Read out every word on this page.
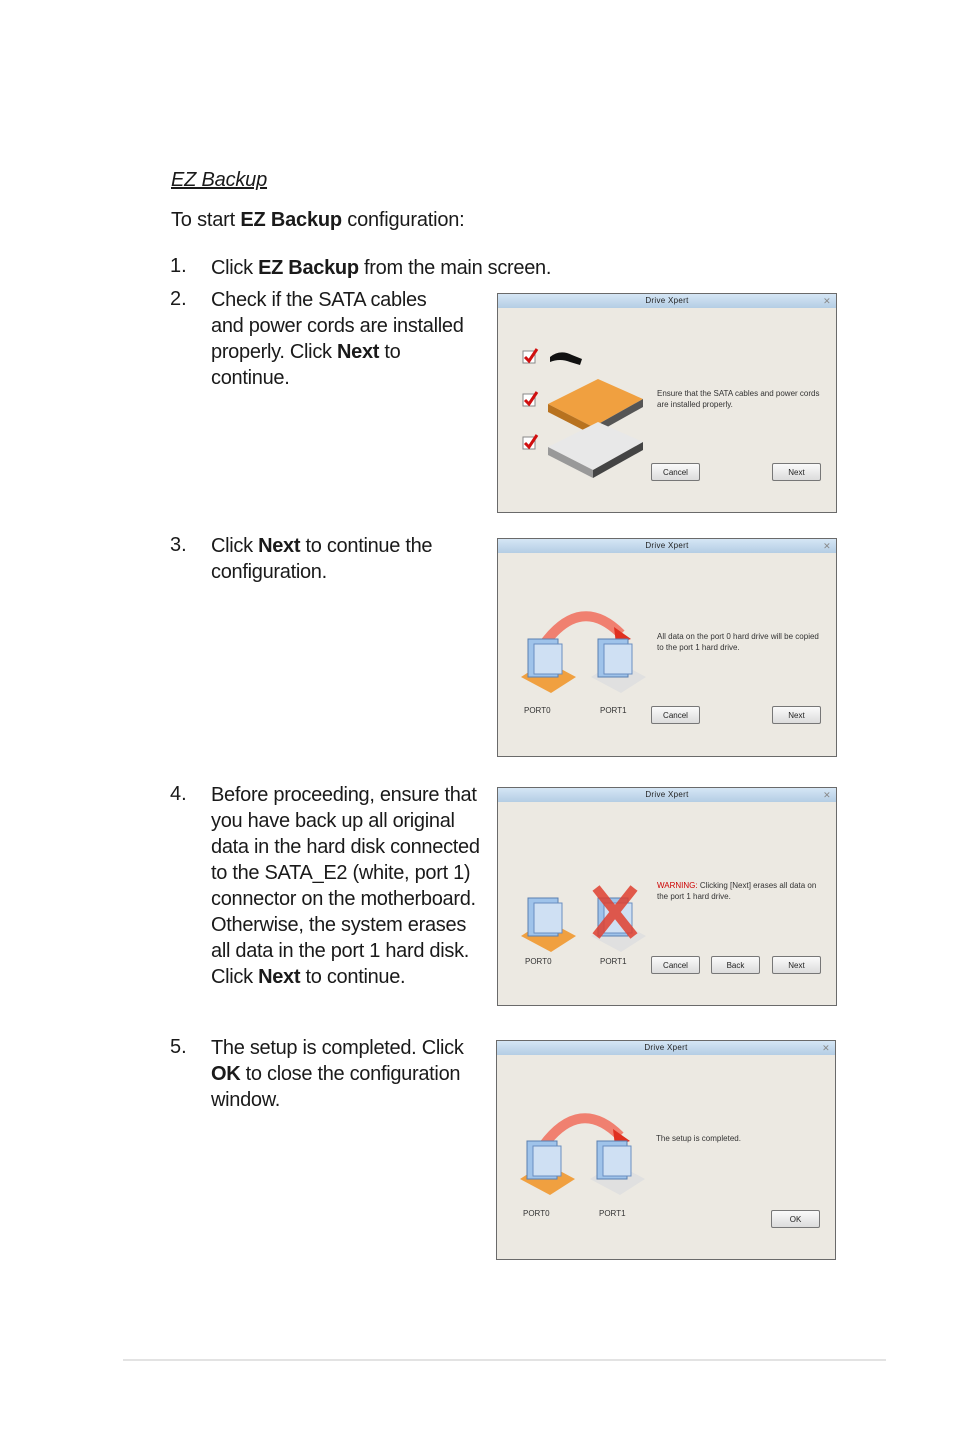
EZ Backup
To start EZ Backup configuration:
1. Click EZ Backup from the main screen.
2. Check if the SATA cables
and power cords are installed
properly. Click Next to
continue.
Drive Xpert	✕
Ensure that the SATA cables and power cords are installed properly.
Cancel	Next
3. Click Next to continue the
configuration.
Drive Xpert	✕
PORT0	PORT1
All data on the port 0 hard drive will be copied to the port 1 hard drive.
Cancel	Next
4. Before proceeding, ensure that
you have back up all original
data in the hard disk connected
to the SATA_E2 (white, port 1)
connector on the motherboard.
Otherwise, the system erases
all data in the port 1 hard disk.
Click Next to continue.
Drive Xpert	✕
PORT0	PORT1
WARNING: Clicking [Next] erases all data on the port 1 hard drive.
Cancel	Back	Next
5. The setup is completed. Click
OK to close the configuration
window.
Drive Xpert	✕
PORT0	PORT1
The setup is completed.
OK
